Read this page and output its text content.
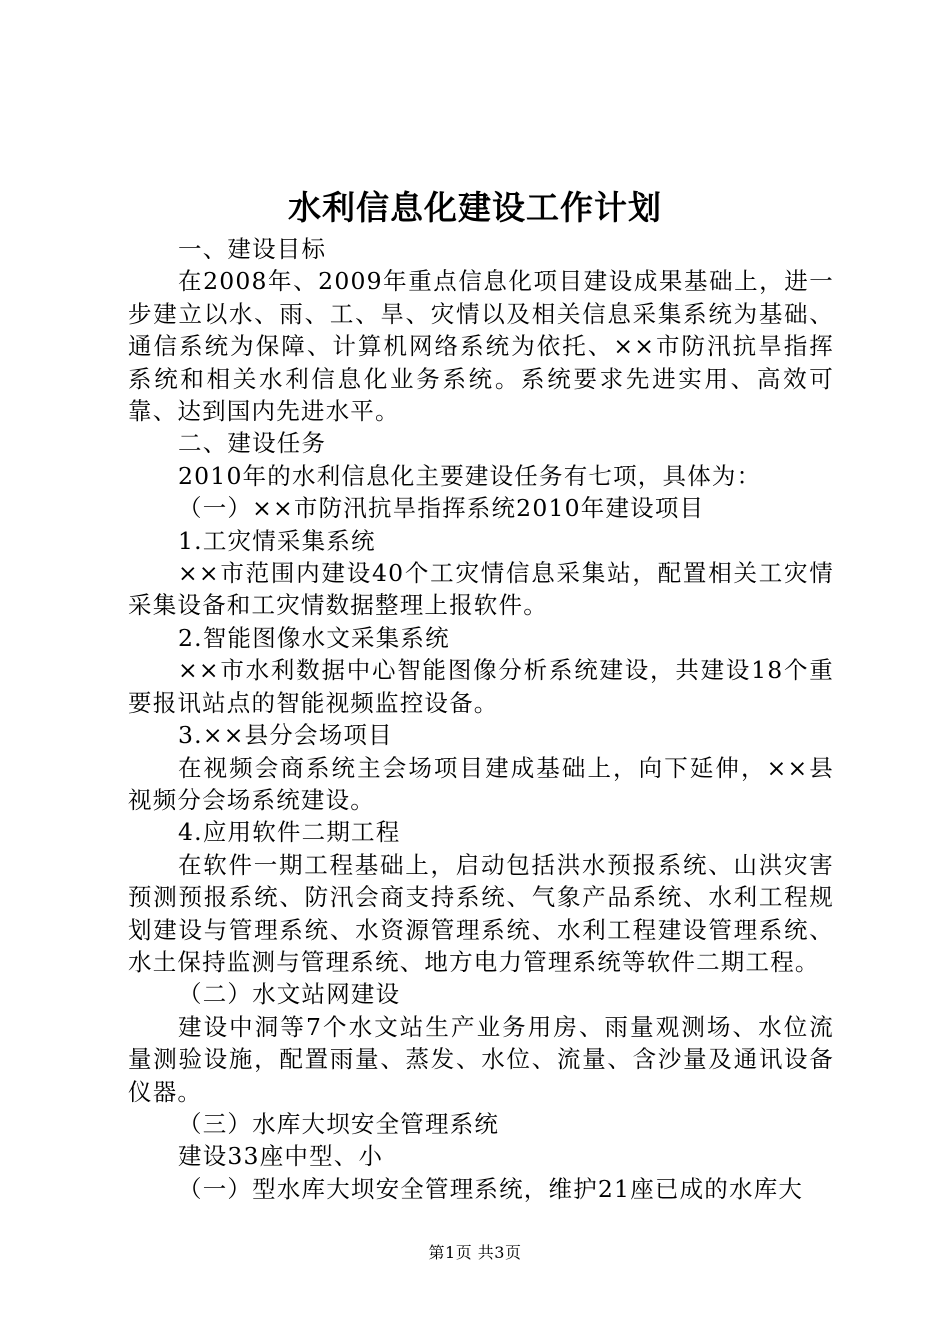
水利信息化建设工作计划

一、建设目标

在2008年、2009年重点信息化项目建设成果基础上，进一步建立以水、雨、工、旱、灾情以及相关信息采集系统为基础、通信系统为保障、计算机网络系统为依托、××市防汛抗旱指挥系统和相关水利信息化业务系统。系统要求先进实用、高效可靠、达到国内先进水平。

二、建设任务

2010年的水利信息化主要建设任务有七项，具体为：

（一）××市防汛抗旱指挥系统2010年建设项目

1.工灾情采集系统

××市范围内建设40个工灾情信息采集站，配置相关工灾情采集设备和工灾情数据整理上报软件。

2.智能图像水文采集系统

××市水利数据中心智能图像分析系统建设，共建设18个重要报讯站点的智能视频监控设备。

3.××县分会场项目

在视频会商系统主会场项目建成基础上，向下延伸，××县视频分会场系统建设。

4.应用软件二期工程

在软件一期工程基础上，启动包括洪水预报系统、山洪灾害预测预报系统、防汛会商支持系统、气象产品系统、水利工程规划建设与管理系统、水资源管理系统、水利工程建设管理系统、水土保持监测与管理系统、地方电力管理系统等软件二期工程。

（二）水文站网建设

建设中洞等7个水文站生产业务用房、雨量观测场、水位流量测验设施，配置雨量、蒸发、水位、流量、含沙量及通讯设备仪器。

（三）水库大坝安全管理系统

建设33座中型、小

（一）型水库大坝安全管理系统，维护21座已成的水库大

第1页 共3页
